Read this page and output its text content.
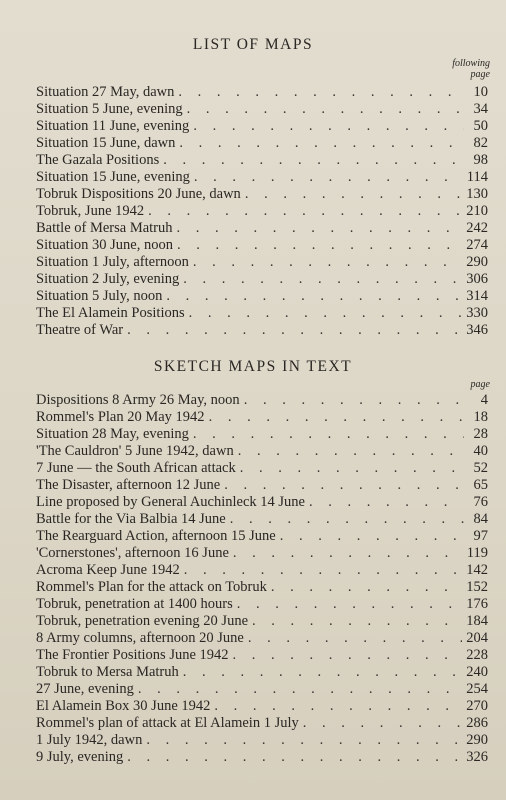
LIST OF MAPS
following
page
Situation 27 May, dawn . . .	10
Situation 5 June, evening . . .	34
Situation 11 June, evening . . .	50
Situation 15 June, dawn . . .	82
The Gazala Positions . . .	98
Situation 15 June, evening . . .	114
Tobruk Dispositions 20 June, dawn . . .	130
Tobruk, June 1942 . . .	210
Battle of Mersa Matruh . . .	242
Situation 30 June, noon . . .	274
Situation 1 July, afternoon . . .	290
Situation 2 July, evening . . .	306
Situation 5 July, noon . . .	314
The El Alamein Positions . . .	330
Theatre of War . . .	346
SKETCH MAPS IN TEXT
page
Dispositions 8 Army 26 May, noon . . .	4
Rommel's Plan 20 May 1942 . . .	18
Situation 28 May, evening . . .	28
'The Cauldron' 5 June 1942, dawn . . .	40
7 June — the South African attack . . .	52
The Disaster, afternoon 12 June . . .	65
Line proposed by General Auchinleck 14 June . . .	76
Battle for the Via Balbia 14 June . . .	84
The Rearguard Action, afternoon 15 June . . .	97
'Cornerstones', afternoon 16 June . . .	119
Acroma Keep June 1942 . . .	142
Rommel's Plan for the attack on Tobruk . . .	152
Tobruk, penetration at 1400 hours . . .	176
Tobruk, penetration evening 20 June . . .	184
8 Army columns, afternoon 20 June . . .	204
The Frontier Positions June 1942 . . .	228
Tobruk to Mersa Matruh . . .	240
27 June, evening . . .	254
El Alamein Box 30 June 1942 . . .	270
Rommel's plan of attack at El Alamein 1 July . . .	286
1 July 1942, dawn . . .	290
9 July, evening . . .	326
